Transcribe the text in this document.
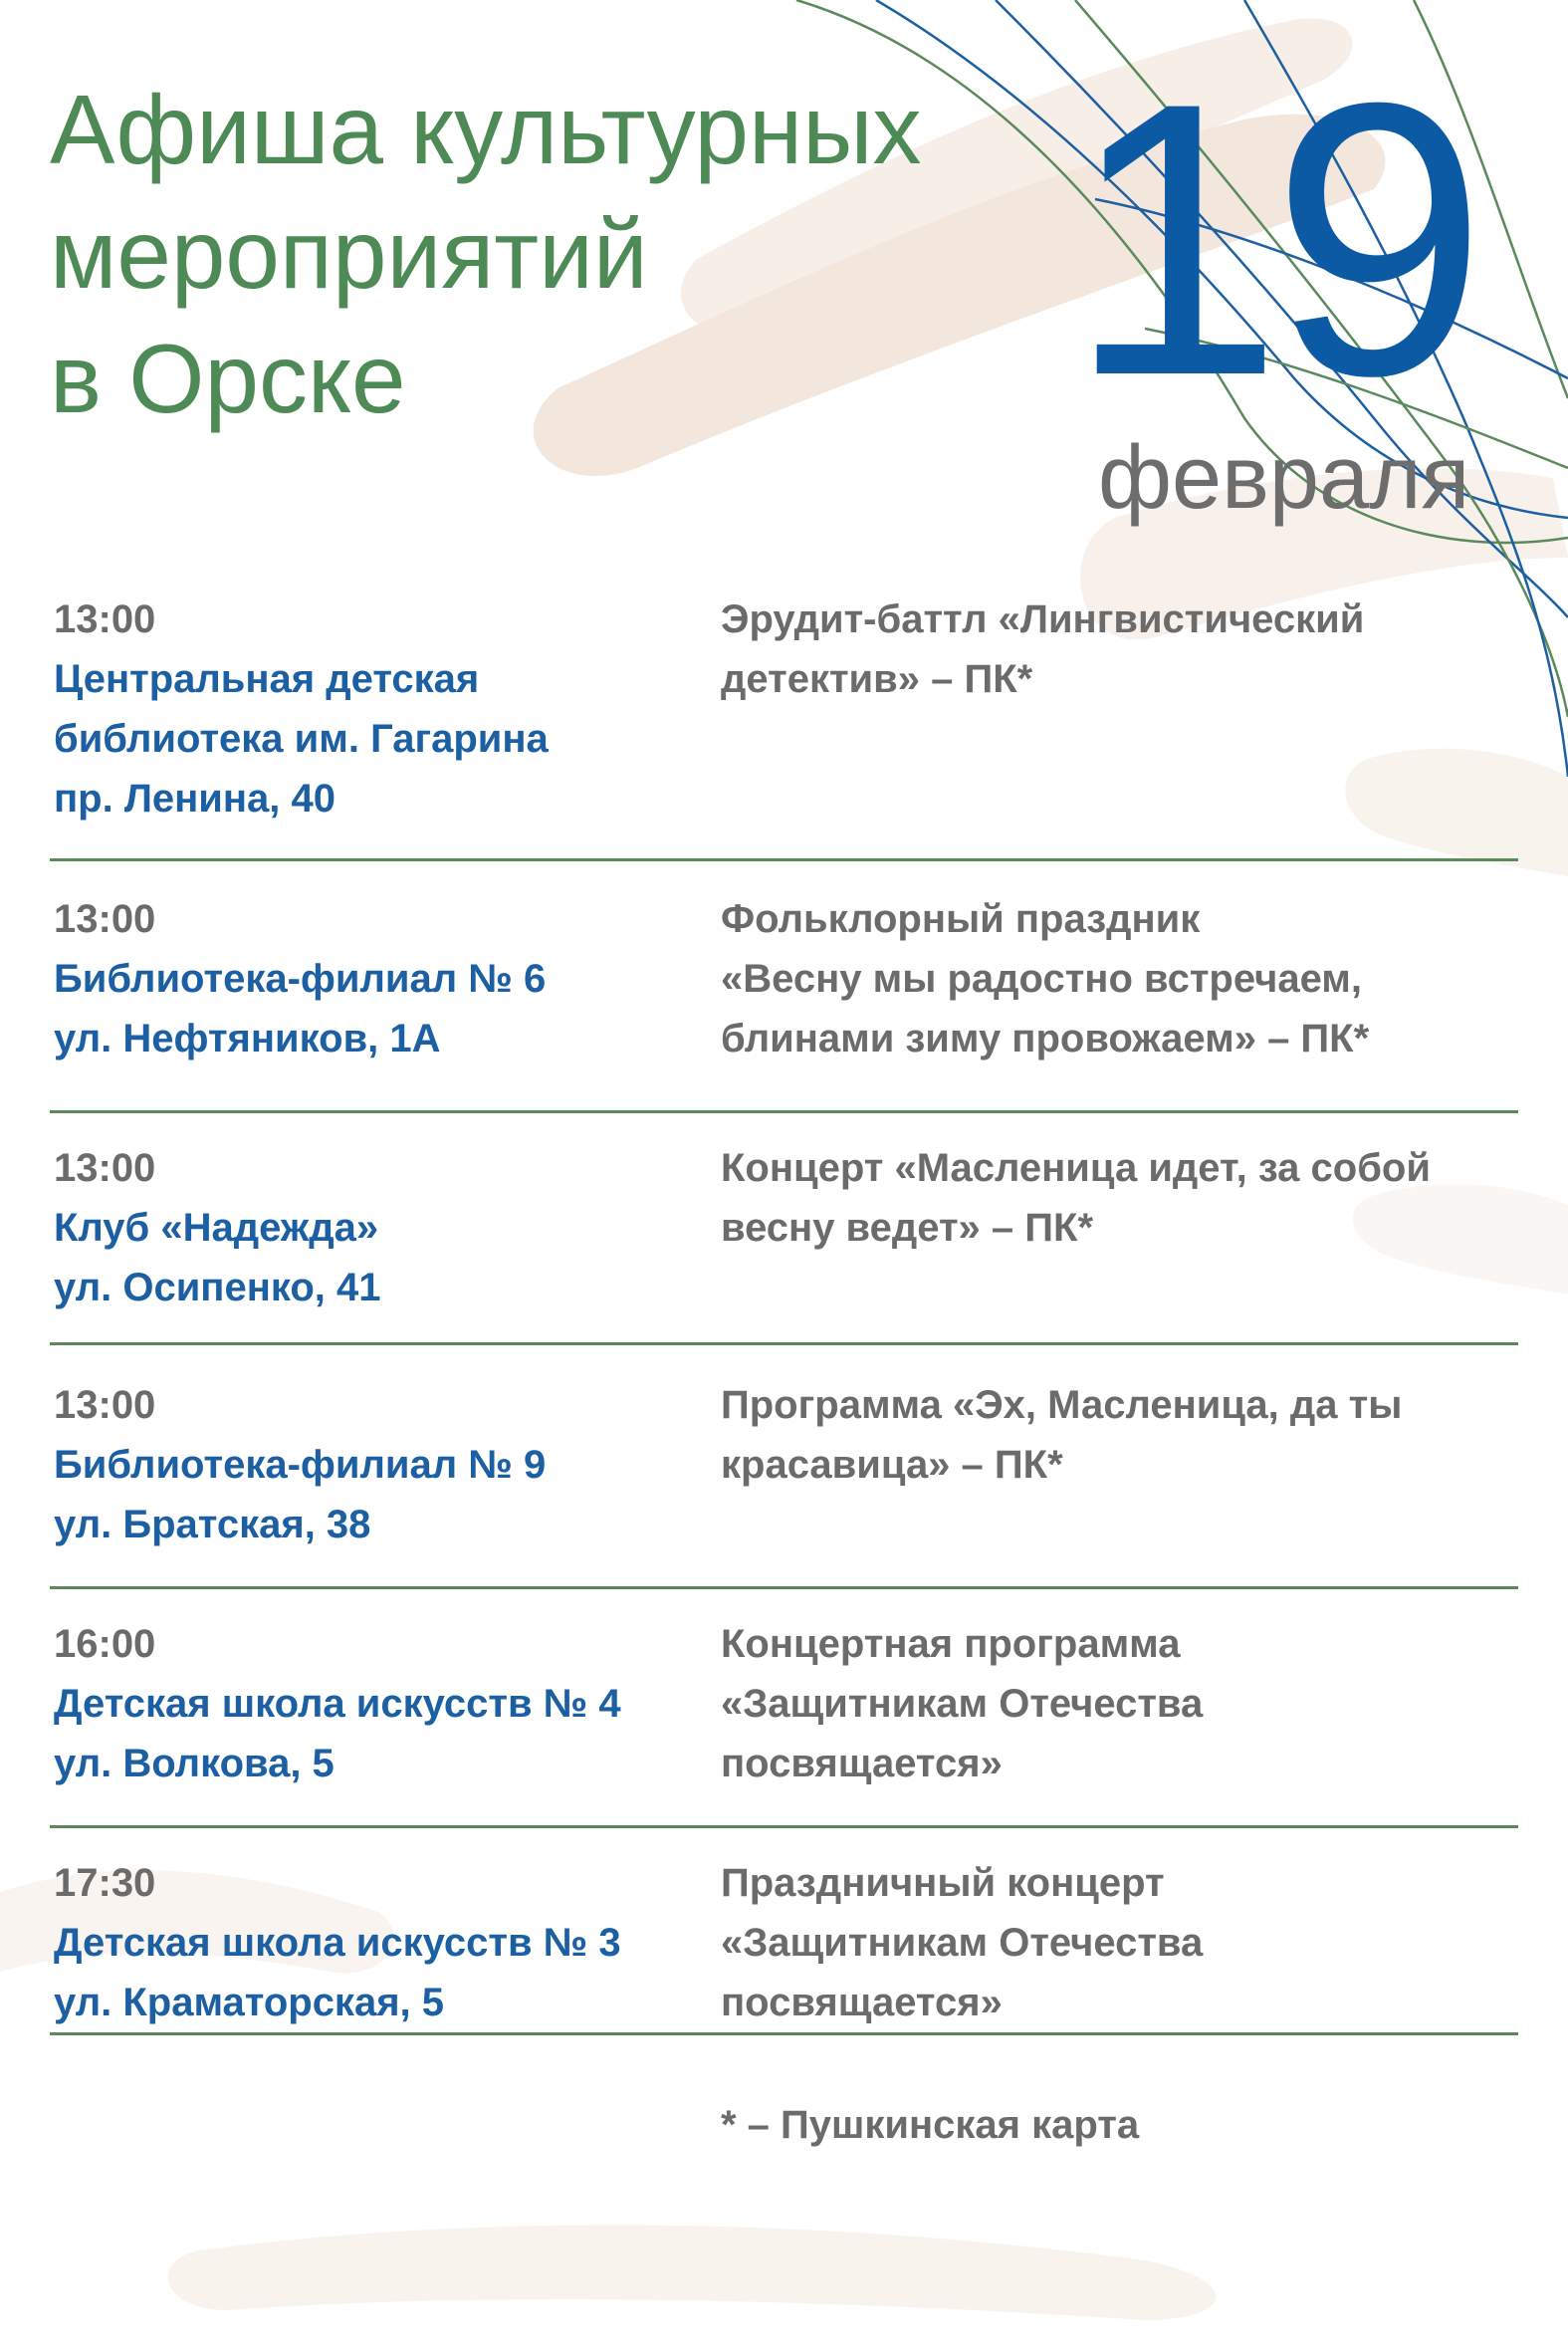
Афиша культурных
мероприятий
в Орске	19
февраля
13:00
Центральная детская
библиотека им. Гагарина
пр. Ленина, 40
Эрудит-баттл «Лингвистический
детектив» – ПК*
13:00
Библиотека-филиал № 6
ул. Нефтяников, 1А
Фольклорный праздник
«Весну мы радостно встречаем,
блинами зиму провожаем» – ПК*
13:00
Клуб «Надежда»
ул. Осипенко, 41
Концерт «Масленица идет, за собой
весну ведет» – ПК*
13:00
Библиотека-филиал № 9
ул. Братская, 38
Программа «Эх, Масленица, да ты
красавица» – ПК*
16:00
Детская школа искусств № 4
ул. Волкова, 5
Концертная программа
«Защитникам Отечества
посвящается»
17:30
Детская школа искусств № 3
ул. Краматорская, 5
Праздничный концерт
«Защитникам Отечества
посвящается»
* – Пушкинская карта
